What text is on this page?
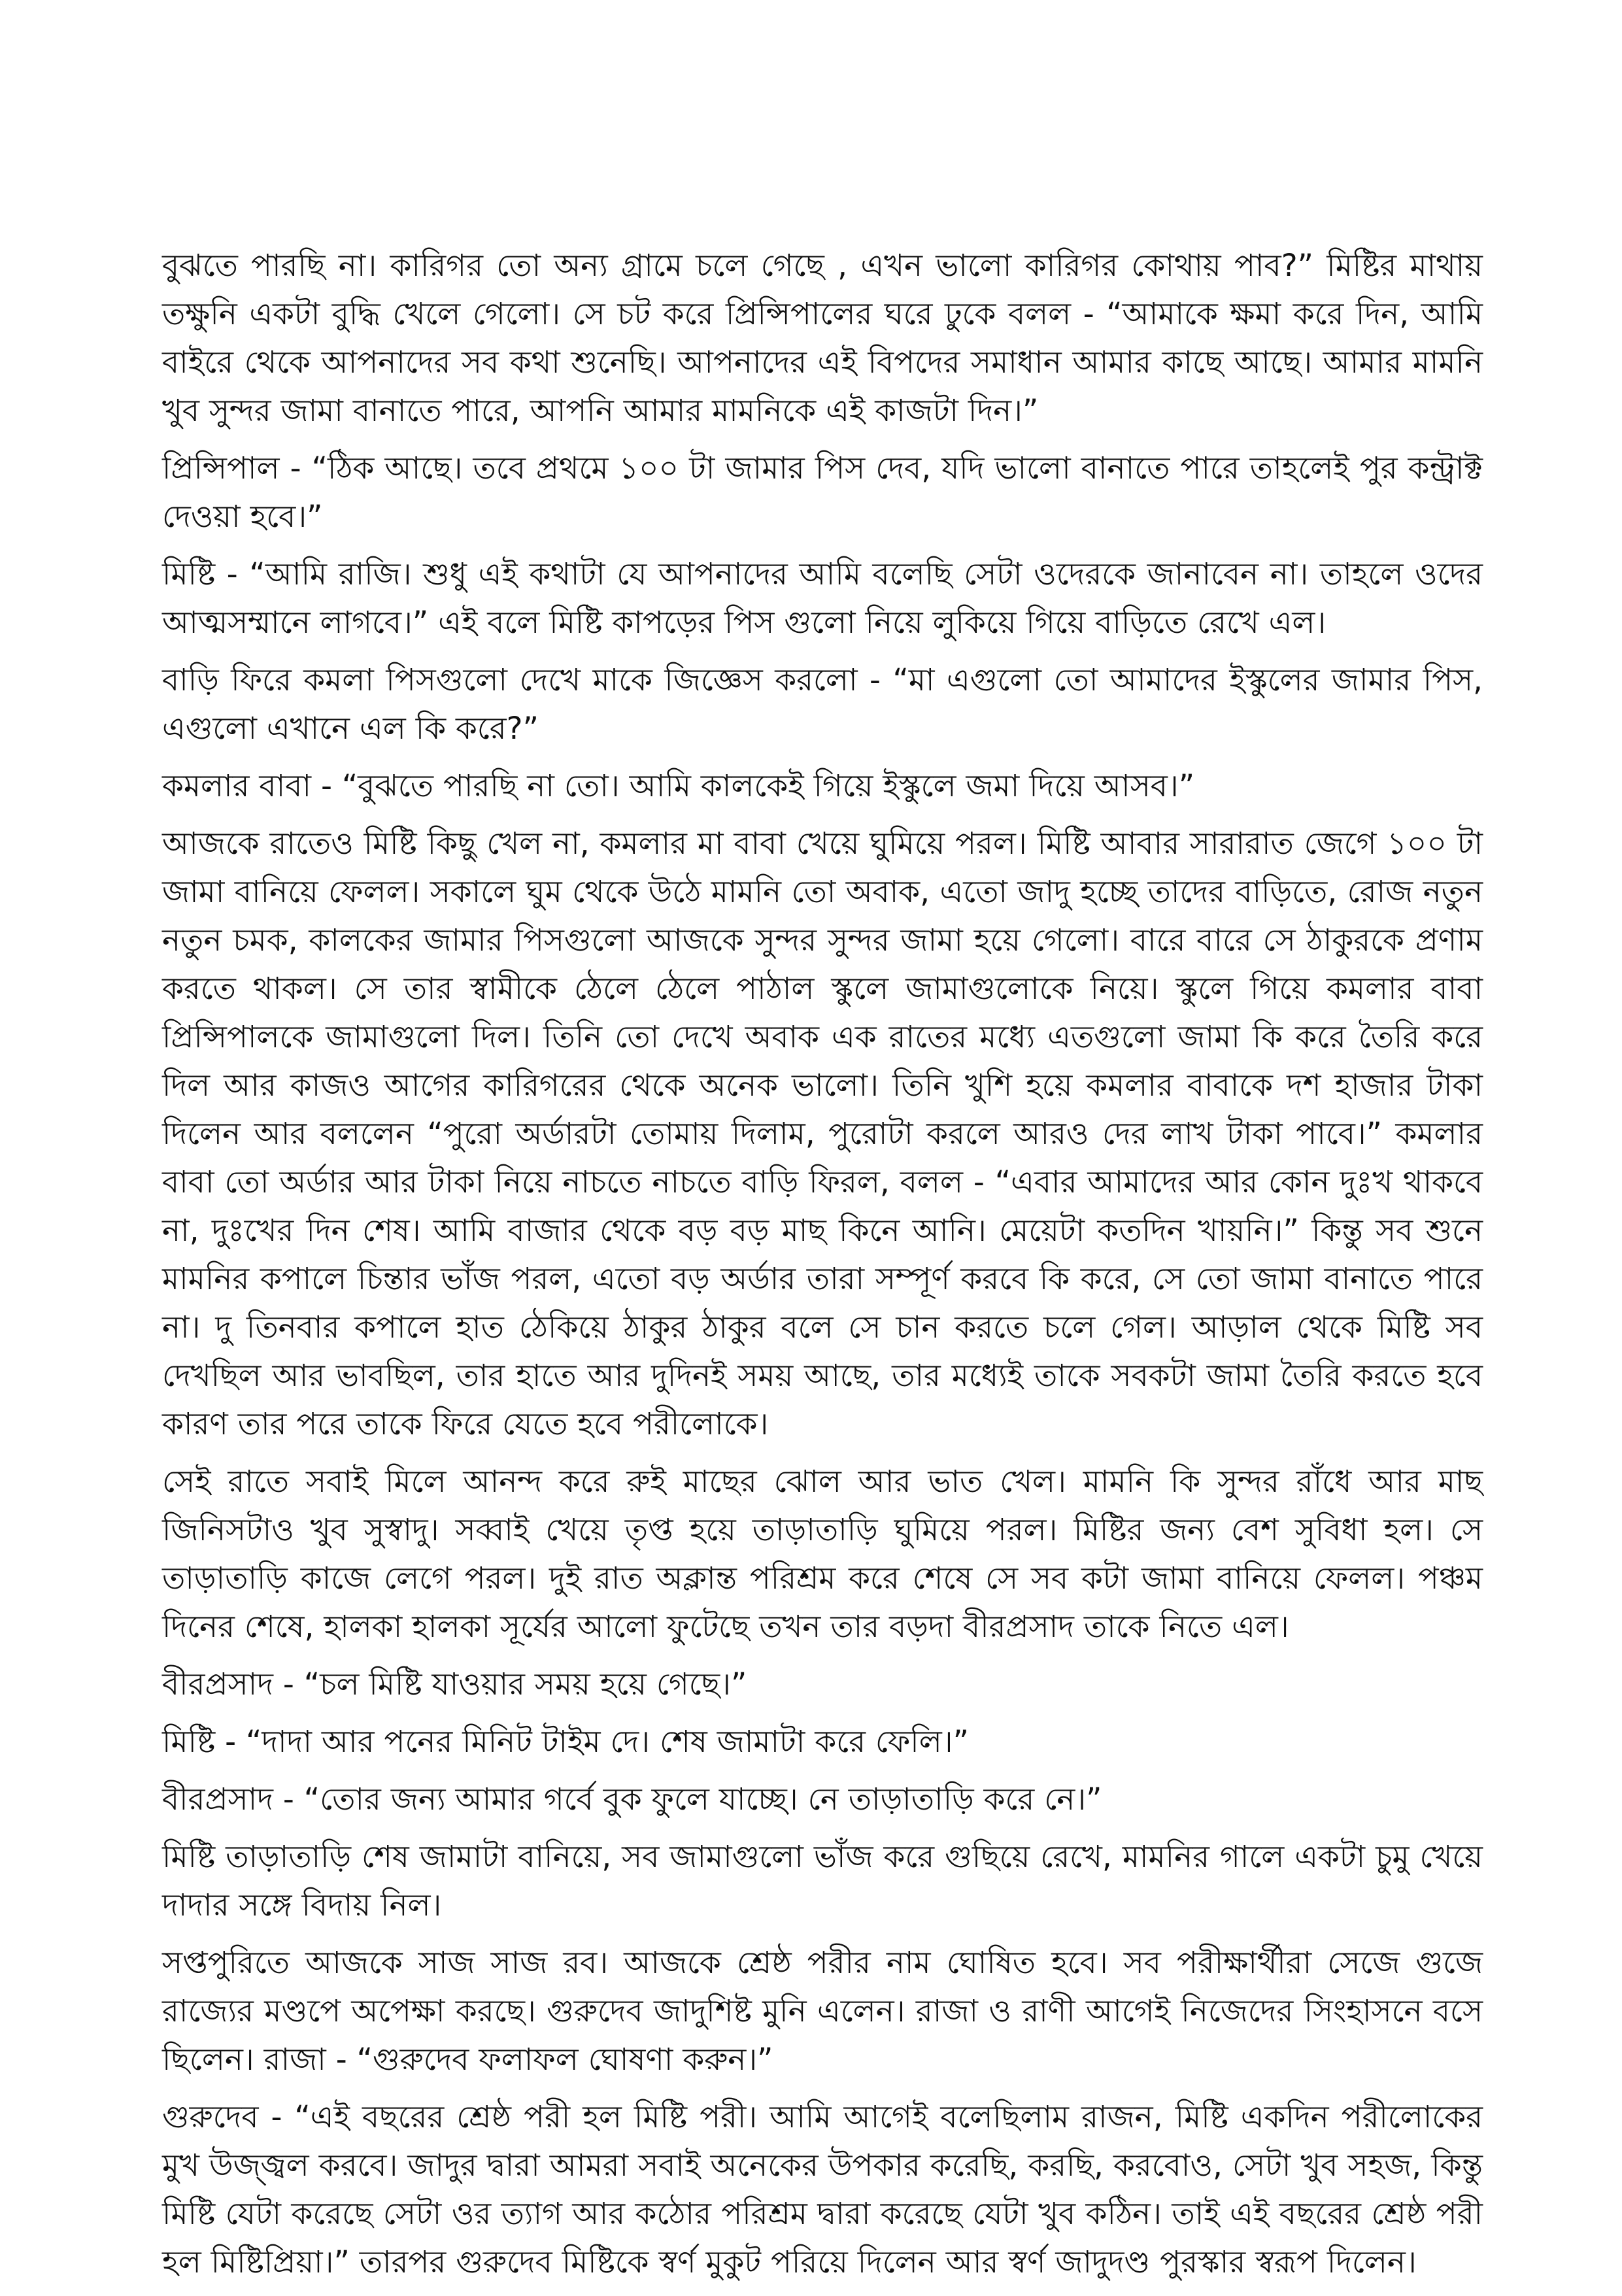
বুঝতে পারছি না। কারিগর তো অন্য গ্রামে চলে গেছে , এখন ভালো কারিগর কোথায় পাব?” মিষ্টির মাথায় তক্ষুনি একটা বুদ্ধি খেলে গেলো। সে চট করে প্রিন্সিপালের ঘরে ঢুকে বলল - “আমাকে ক্ষমা করে দিন, আমি বাইরে থেকে আপনাদের সব কথা শুনেছি। আপনাদের এই বিপদের সমাধান আমার কাছে আছে। আমার মামনি খুব সুন্দর জামা বানাতে পারে, আপনি আমার মামনিকে এই কাজটা দিন।”

প্রিন্সিপাল - “ঠিক আছে। তবে প্রথমে ১০০ টা জামার পিস দেব, যদি ভালো বানাতে পারে তাহলেই পুর কন্ট্রাক্ট দেওয়া হবে।”

মিষ্টি - “আমি রাজি। শুধু এই কথাটা যে আপনাদের আমি বলেছি সেটা ওদেরকে জানাবেন না। তাহলে ওদের আত্মসম্মানে লাগবে।” এই বলে মিষ্টি কাপড়ের পিস গুলো নিয়ে লুকিয়ে গিয়ে বাড়িতে রেখে এল।

বাড়ি ফিরে কমলা পিসগুলো দেখে মাকে জিজ্ঞেস করলো - “মা এগুলো তো আমাদের ইস্কুলের জামার পিস, এগুলো এখানে এল কি করে?”

কমলার বাবা - “বুঝতে পারছি না তো। আমি কালকেই গিয়ে ইস্কুলে জমা দিয়ে আসব।”

আজকে রাতেও মিষ্টি কিছু খেল না, কমলার মা বাবা খেয়ে ঘুমিয়ে পরল। মিষ্টি আবার সারারাত জেগে ১০০ টা জামা বানিয়ে ফেলল। সকালে ঘুম থেকে উঠে মামনি তো অবাক, এতো জাদু হচ্ছে তাদের বাড়িতে, রোজ নতুন নতুন চমক, কালকের জামার পিসগুলো আজকে সুন্দর সুন্দর জামা হয়ে গেলো। বারে বারে সে ঠাকুরকে প্রণাম করতে থাকল। সে তার স্বামীকে ঠেলে ঠেলে পাঠাল স্কুলে জামাগুলোকে নিয়ে। স্কুলে গিয়ে কমলার বাবা প্রিন্সিপালকে জামাগুলো দিল। তিনি তো দেখে অবাক এক রাতের মধ্যে এতগুলো জামা কি করে তৈরি করে দিল আর কাজও আগের কারিগরের থেকে অনেক ভালো। তিনি খুশি হয়ে কমলার বাবাকে দশ হাজার টাকা দিলেন আর বললেন “পুরো অর্ডারটা তোমায় দিলাম, পুরোটা করলে আরও দের লাখ টাকা পাবে।” কমলার বাবা তো অর্ডার আর টাকা নিয়ে নাচতে নাচতে বাড়ি ফিরল, বলল - “এবার আমাদের আর কোন দুঃখ থাকবে না, দুঃখের দিন শেষ। আমি বাজার থেকে বড় বড় মাছ কিনে আনি। মেয়েটা কতদিন খায়নি।” কিন্তু সব শুনে মামনির কপালে চিন্তার ভাঁজ পরল, এতো বড় অর্ডার তারা সম্পূর্ণ করবে কি করে, সে তো জামা বানাতে পারে না। দু তিনবার কপালে হাত ঠেকিয়ে ঠাকুর ঠাকুর বলে সে চান করতে চলে গেল। আড়াল থেকে মিষ্টি সব দেখছিল আর ভাবছিল, তার হাতে আর দুদিনই সময় আছে, তার মধ্যেই তাকে সবকটা জামা তৈরি করতে হবে কারণ তার পরে তাকে ফিরে যেতে হবে পরীলোকে।

সেই রাতে সবাই মিলে আনন্দ করে রুই মাছের ঝোল আর ভাত খেল। মামনি কি সুন্দর রাঁধে আর মাছ জিনিসটাও খুব সুস্বাদু। সব্বাই খেয়ে তৃপ্ত হয়ে তাড়াতাড়ি ঘুমিয়ে পরল। মিষ্টির জন্য বেশ সুবিধা হল। সে তাড়াতাড়ি কাজে লেগে পরল। দুই রাত অক্লান্ত পরিশ্রম করে শেষে সে সব কটা জামা বানিয়ে ফেলল। পঞ্চম দিনের শেষে, হালকা হালকা সূর্যের আলো ফুটেছে তখন তার বড়দা বীরপ্রসাদ তাকে নিতে এল।

বীরপ্রসাদ - “চল মিষ্টি যাওয়ার সময় হয়ে গেছে।”

মিষ্টি - “দাদা আর পনের মিনিট টাইম দে। শেষ জামাটা করে ফেলি।”

বীরপ্রসাদ - “তোর জন্য আমার গর্বে বুক ফুলে যাচ্ছে। নে তাড়াতাড়ি করে নে।”

মিষ্টি তাড়াতাড়ি শেষ জামাটা বানিয়ে, সব জামাগুলো ভাঁজ করে গুছিয়ে রেখে, মামনির গালে একটা চুমু খেয়ে দাদার সঙ্গে বিদায় নিল।

সপ্তপুরিতে আজকে সাজ সাজ রব। আজকে শ্রেষ্ঠ পরীর নাম ঘোষিত হবে। সব পরীক্ষার্থীরা সেজে গুজে রাজ্যের মণ্ডপে অপেক্ষা করছে। গুরুদেব জাদুশিষ্ট মুনি এলেন। রাজা ও রাণী আগেই নিজেদের সিংহাসনে বসে ছিলেন। রাজা - “গুরুদেব ফলাফল ঘোষণা করুন।”

গুরুদেব - “এই বছরের শ্রেষ্ঠ পরী হল মিষ্টি পরী। আমি আগেই বলেছিলাম রাজন, মিষ্টি একদিন পরীলোকের মুখ উজ্জ্বল করবে। জাদুর দ্বারা আমরা সবাই অনেকের উপকার করেছি, করছি, করবোও, সেটা খুব সহজ, কিন্তু মিষ্টি যেটা করেছে সেটা ওর ত্যাগ আর কঠোর পরিশ্রম দ্বারা করেছে যেটা খুব কঠিন। তাই এই বছরের শ্রেষ্ঠ পরী হল মিষ্টিপ্রিয়া।” তারপর গুরুদেব মিষ্টিকে স্বর্ণ মুকুট পরিয়ে দিলেন আর স্বর্ণ জাদুদণ্ড পুরস্কার স্বরূপ দিলেন।
